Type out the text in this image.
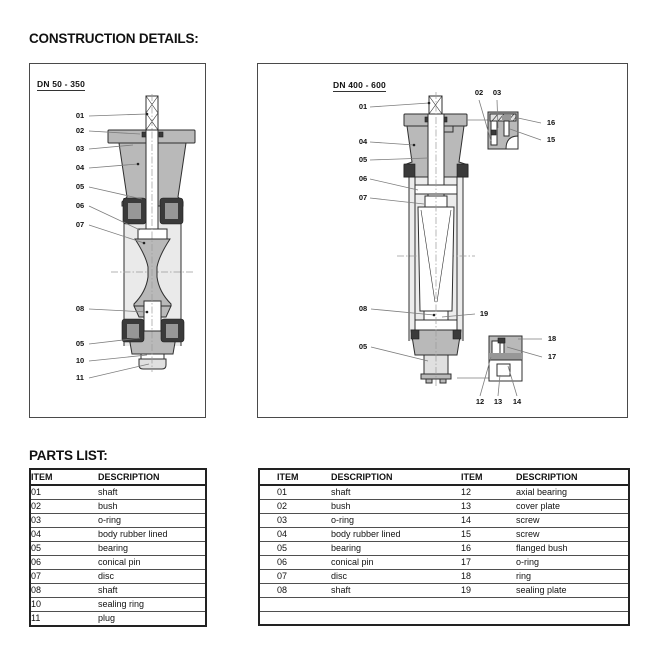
CONSTRUCTION DETAILS:
DN 50 - 350
01
02
03
04
05
06
07
08
05
10
11
DN 400 - 600
01
04
05
06
07
02	03
16
15
08
19
05
18
17
12	13	14
PARTS LIST:
ITEM	DESCRIPTION
01	shaft
02	bush
03	o-ring
04	body rubber lined
05	bearing
06	conical pin
07	disc
08	shaft
10	sealing ring
11	plug
ITEM	DESCRIPTION	ITEM	DESCRIPTION
01	shaft	12	axial bearing
02	bush	13	cover plate
03	o-ring	14	screw
04	body rubber lined	15	screw
05	bearing	16	flanged bush
06	conical pin	17	o-ring
07	disc	18	ring
08	shaft	19	sealing plate
